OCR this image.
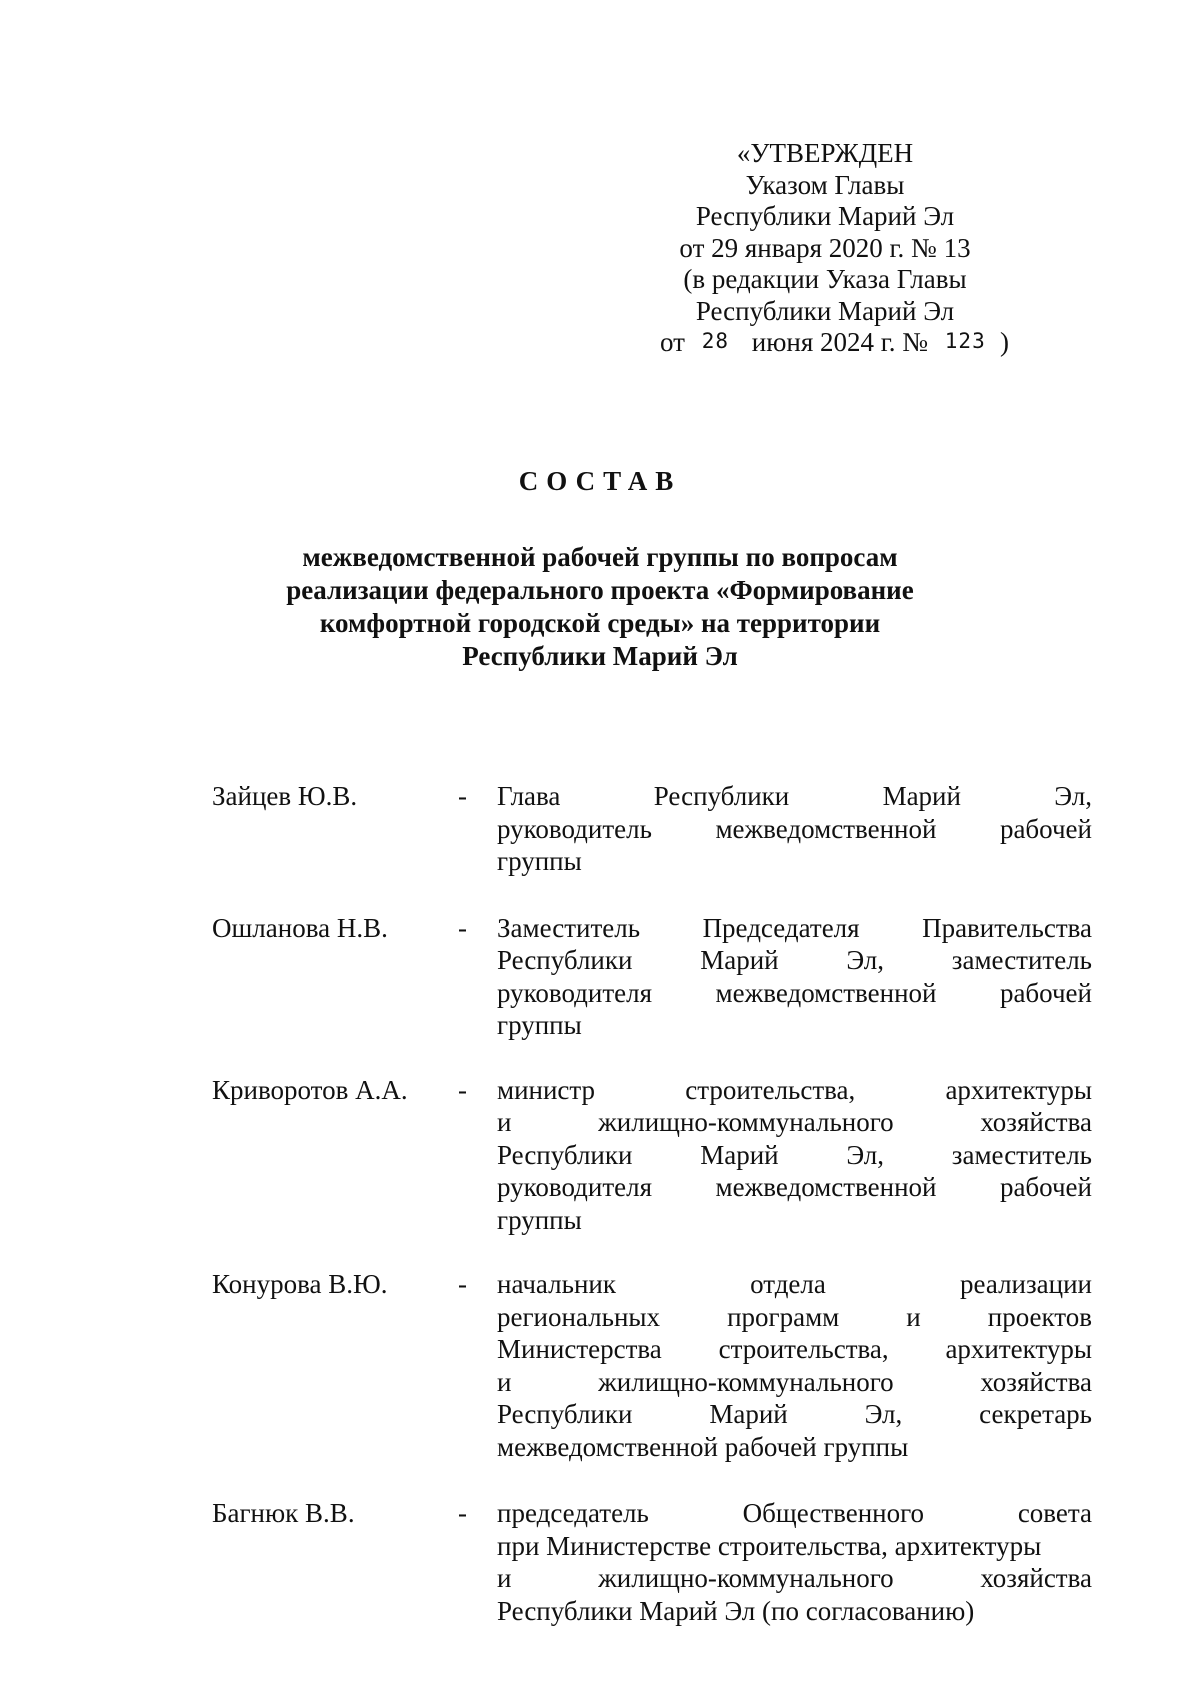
«УТВЕРЖДЕН
Указом Главы
Республики Марий Эл
от 29 января 2020 г. № 13
(в редакции Указа Главы
Республики Марий Эл
от 28 июня 2024 г. № 123 )
СОСТАВ
межведомственной рабочей группы по вопросам
реализации федерального проекта «Формирование
комфортной городской среды» на территории
Республики Марий Эл
Зайцев Ю.В.	- Глава	Республики	Марий	Эл,
руководитель межведомственной рабочей
группы
Ошланова Н.В.	- Заместитель Председателя Правительства
Республики	Марий	Эл,	заместитель
руководителя межведомственной рабочей
группы
Криворотов А.А. - министр	строительства,	архитектуры
и	жилищно-коммунального	хозяйства
Республики	Марий	Эл,	заместитель
руководителя межведомственной рабочей
группы
Конурова В.Ю.	- начальник	отдела	реализации
региональных программ и проектов
Министерства строительства, архитектуры
и	жилищно-коммунального	хозяйства
Республики	Марий	Эл,	секретарь
межведомственной рабочей группы
Багнюк В.В.	- председатель	Общественного	совета
при Министерстве строительства, архитектуры
и	жилищно-коммунального	хозяйства
Республики Марий Эл (по согласованию)
